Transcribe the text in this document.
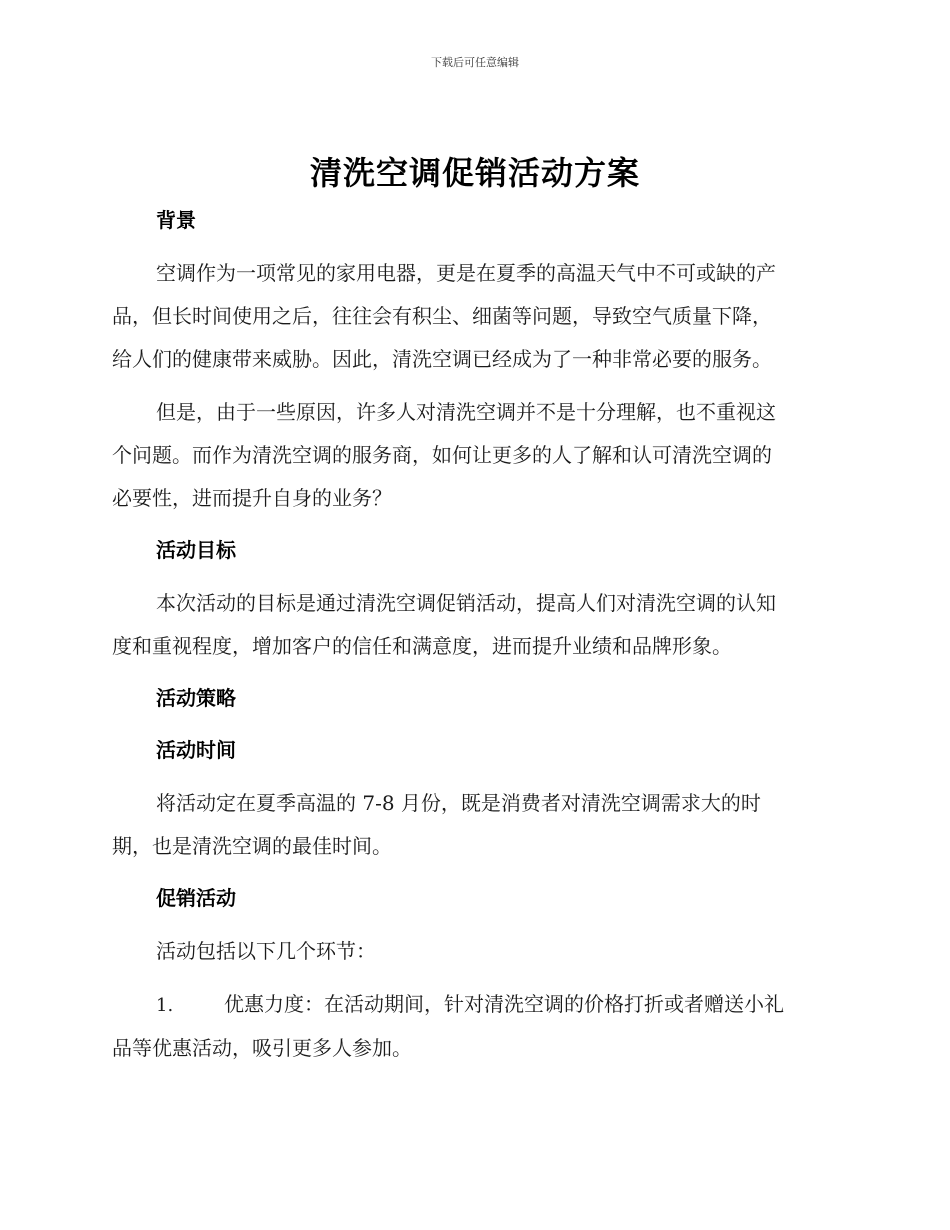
下载后可任意编辑
清洗空调促销活动方案
背景
空调作为一项常见的家用电器，更是在夏季的高温天气中不可或缺的产
品，但长时间使用之后，往往会有积尘、细菌等问题，导致空气质量下降，
给人们的健康带来威胁。因此，清洗空调已经成为了一种非常必要的服务。
但是，由于一些原因，许多人对清洗空调并不是十分理解，也不重视这
个问题。而作为清洗空调的服务商，如何让更多的人了解和认可清洗空调的
必要性，进而提升自身的业务？
活动目标
本次活动的目标是通过清洗空调促销活动，提高人们对清洗空调的认知
度和重视程度，增加客户的信任和满意度，进而提升业绩和品牌形象。
活动策略
活动时间
将活动定在夏季高温的 7-8 月份，既是消费者对清洗空调需求大的时
期，也是清洗空调的最佳时间。
促销活动
活动包括以下几个环节：
1.	优惠力度：在活动期间，针对清洗空调的价格打折或者赠送小礼
品等优惠活动，吸引更多人参加。
